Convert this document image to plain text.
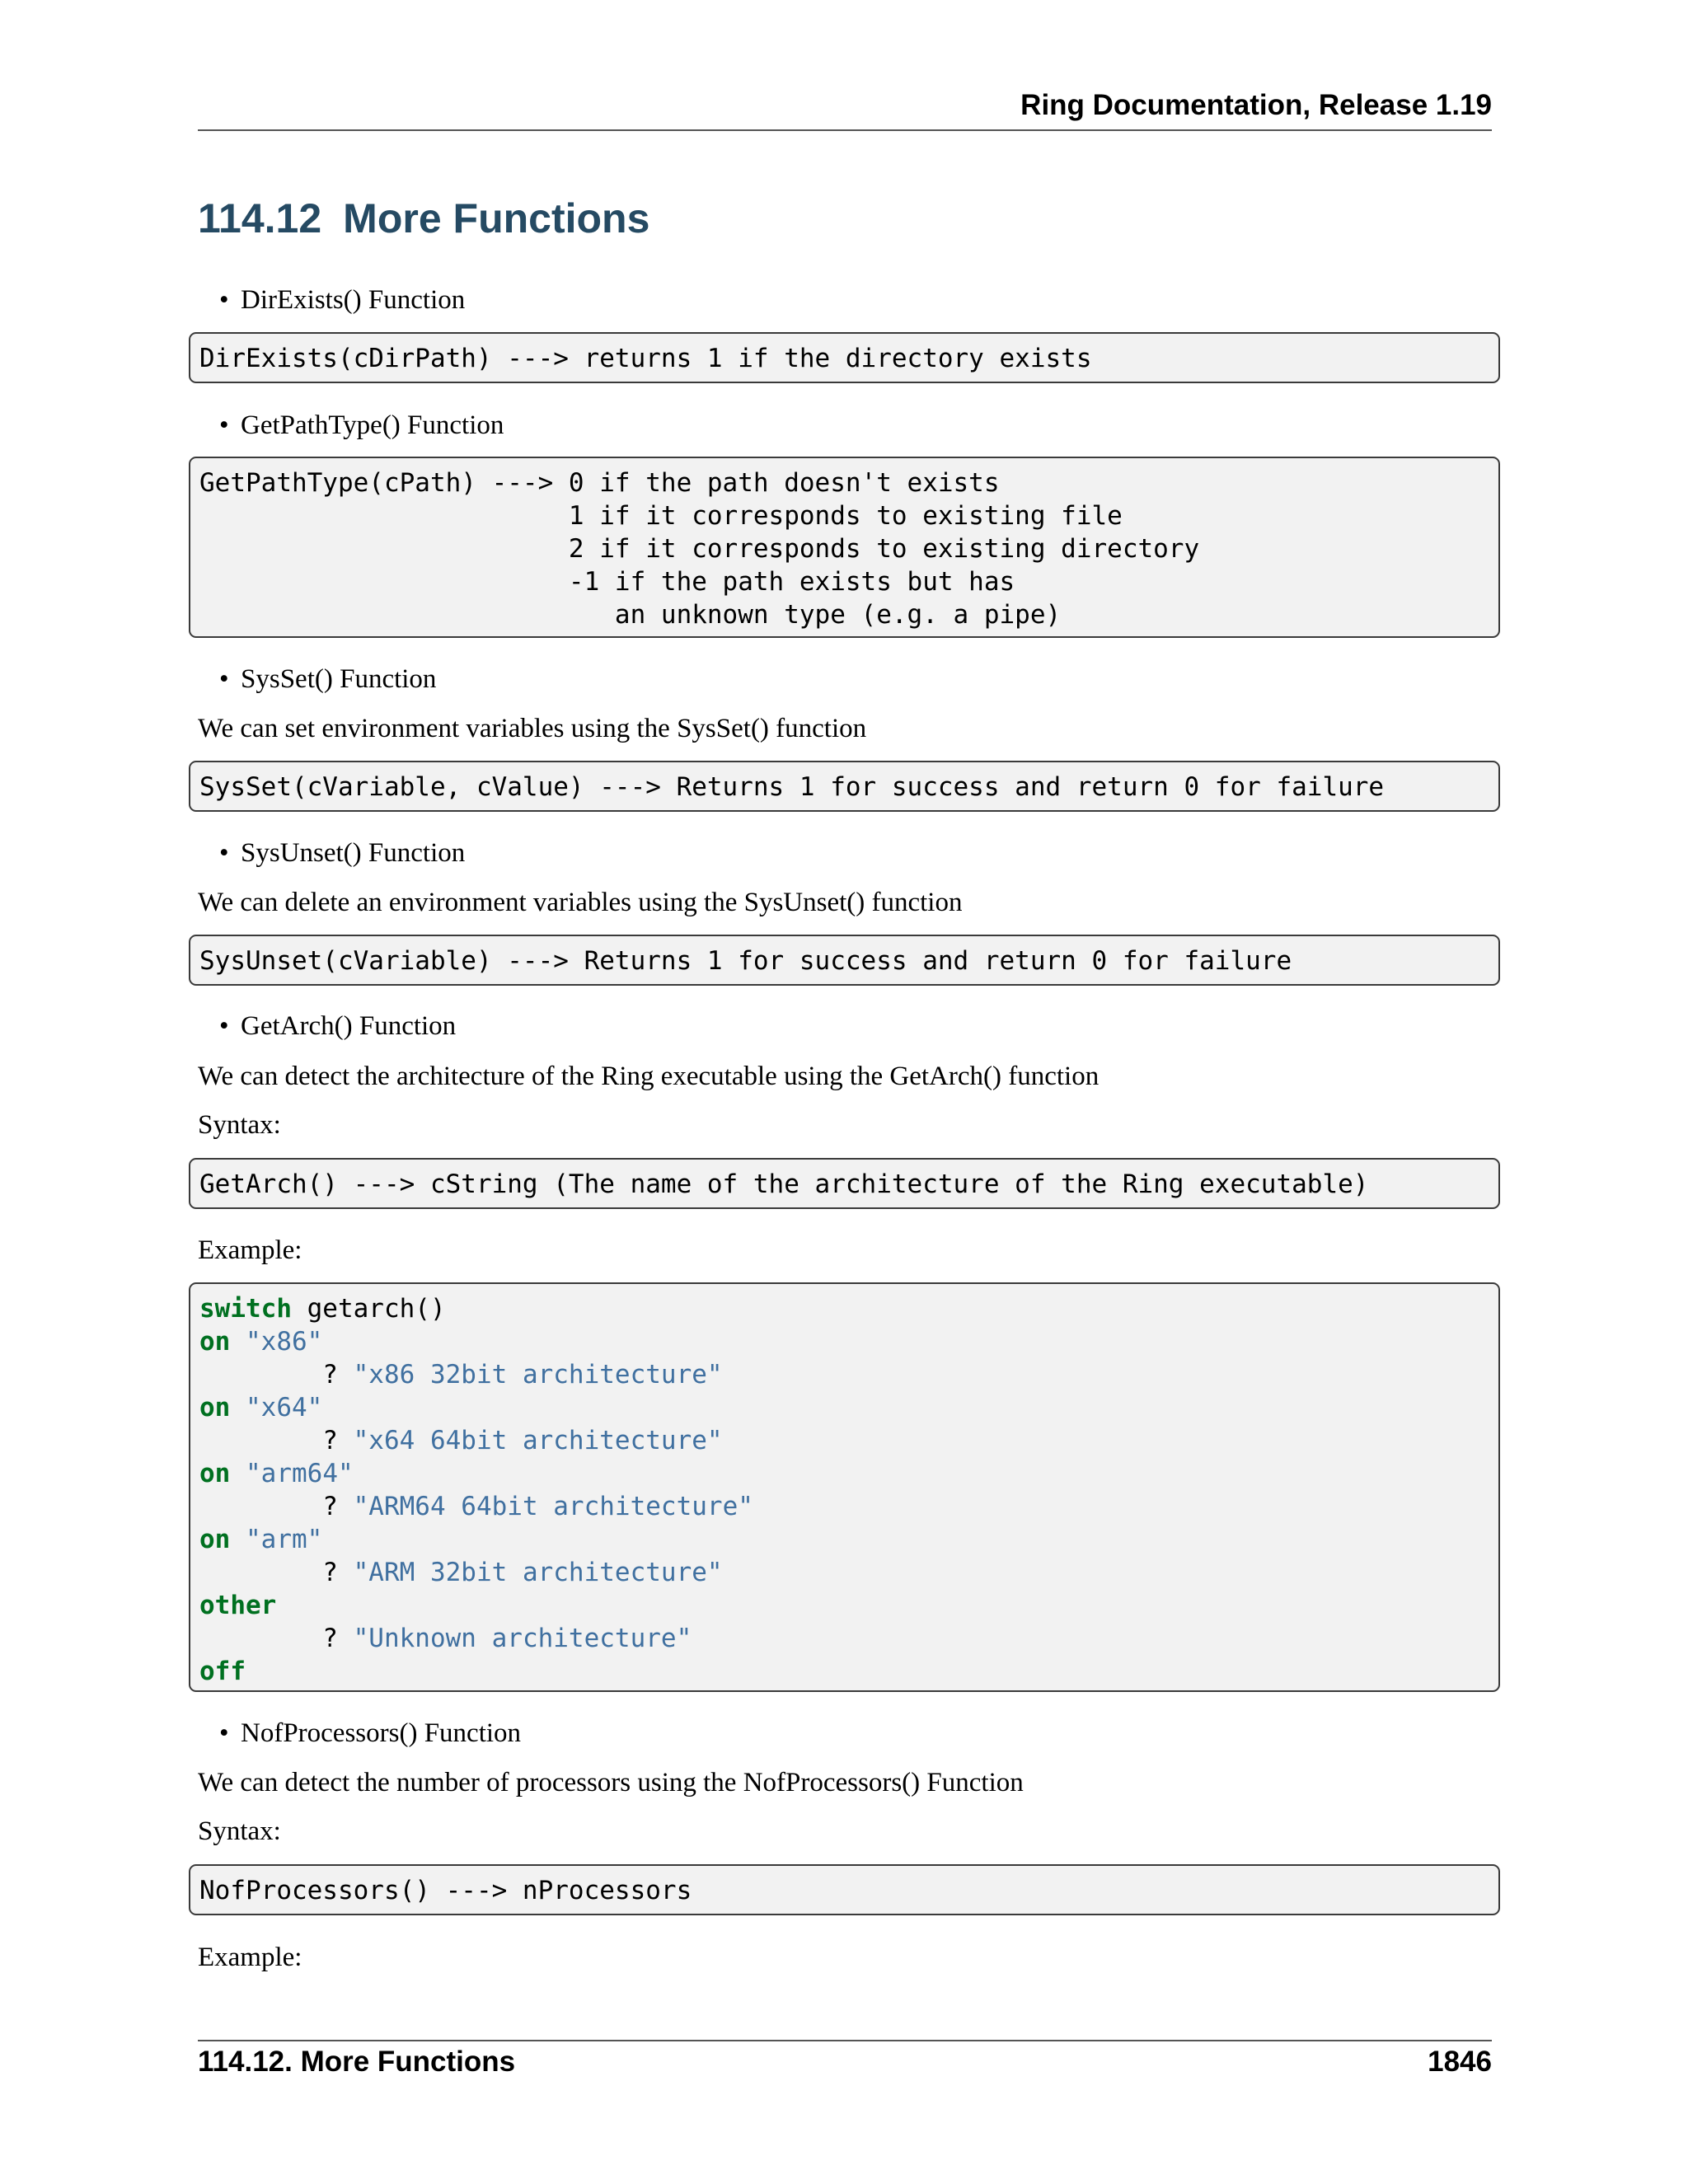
Ring Documentation, Release 1.19
114.12 More Functions
• DirExists() Function
DirExists(cDirPath) ---> returns 1 if the directory exists
• GetPathType() Function
GetPathType(cPath) ---> 0 if the path doesn't exists
1 if it corresponds to existing file
2 if it corresponds to existing directory
-1 if the path exists but has
an unknown type (e.g. a pipe)
• SysSet() Function
We can set environment variables using the SysSet() function
SysSet(cVariable, cValue) ---> Returns 1 for success and return 0 for failure
• SysUnset() Function
We can delete an environment variables using the SysUnset() function
SysUnset(cVariable) ---> Returns 1 for success and return 0 for failure
• GetArch() Function
We can detect the architecture of the Ring executable using the GetArch() function
Syntax:
GetArch() ---> cString (The name of the architecture of the Ring executable)
Example:
switch getarch()
on "x86"
? "x86 32bit architecture"
on "x64"
? "x64 64bit architecture"
on "arm64"
? "ARM64 64bit architecture"
on "arm"
? "ARM 32bit architecture"
other
? "Unknown architecture"
off
• NofProcessors() Function
We can detect the number of processors using the NofProcessors() Function
Syntax:
NofProcessors() ---> nProcessors
Example:
114.12. More Functions	1846
